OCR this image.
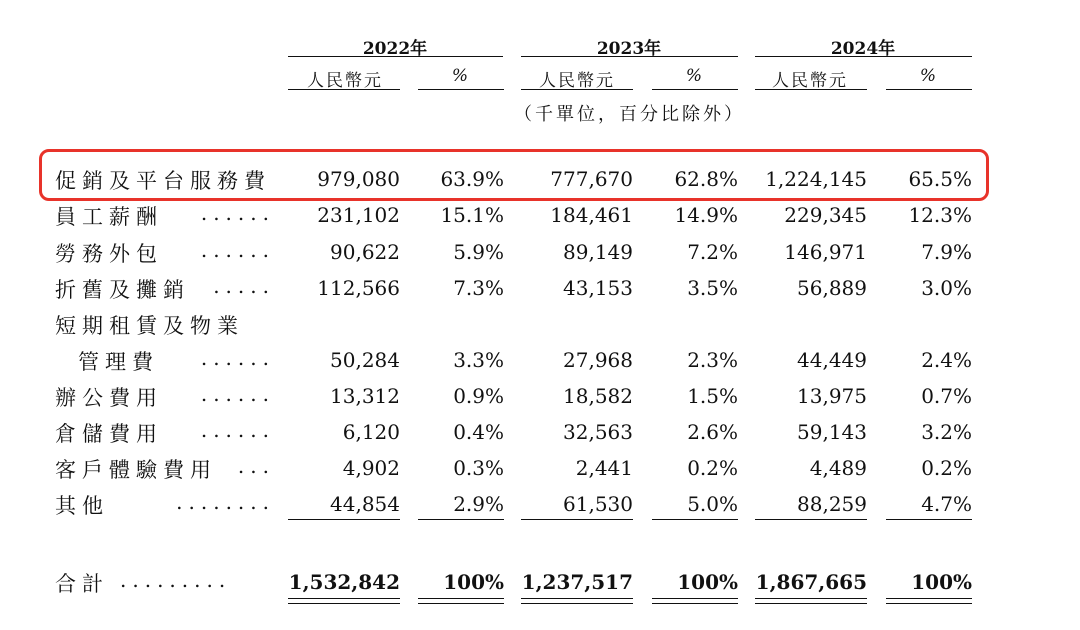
2022年	2023年	2024年
人民幣元	%	人民幣元	%	人民幣元	%
（千單位，百分比除外）
促銷及平台服務費	979,080	63.9%	777,670	62.8%	1,224,145	65.5%
員工薪酬 ......	231,102	15.1%	184,461	14.9%	229,345	12.3%
勞務外包 ......	90,622	5.9%	89,149	7.2%	146,971	7.9%
折舊及攤銷 .....	112,566	7.3%	43,153	3.5%	56,889	3.0%
短期租賃及物業
管理費 ......	50,284	3.3%	27,968	2.3%	44,449	2.4%
辦公費用 ......	13,312	0.9%	18,582	1.5%	13,975	0.7%
倉儲費用 ......	6,120	0.4%	32,563	2.6%	59,143	3.2%
客戶體驗費用 ...	4,902	0.3%	2,441	0.2%	4,489	0.2%
其他	........	44,854	2.9%	61,530	5.0%	88,259	4.7%
合計 .........	1,532,842	100% 1,237,517	100% 1,867,665	100%
